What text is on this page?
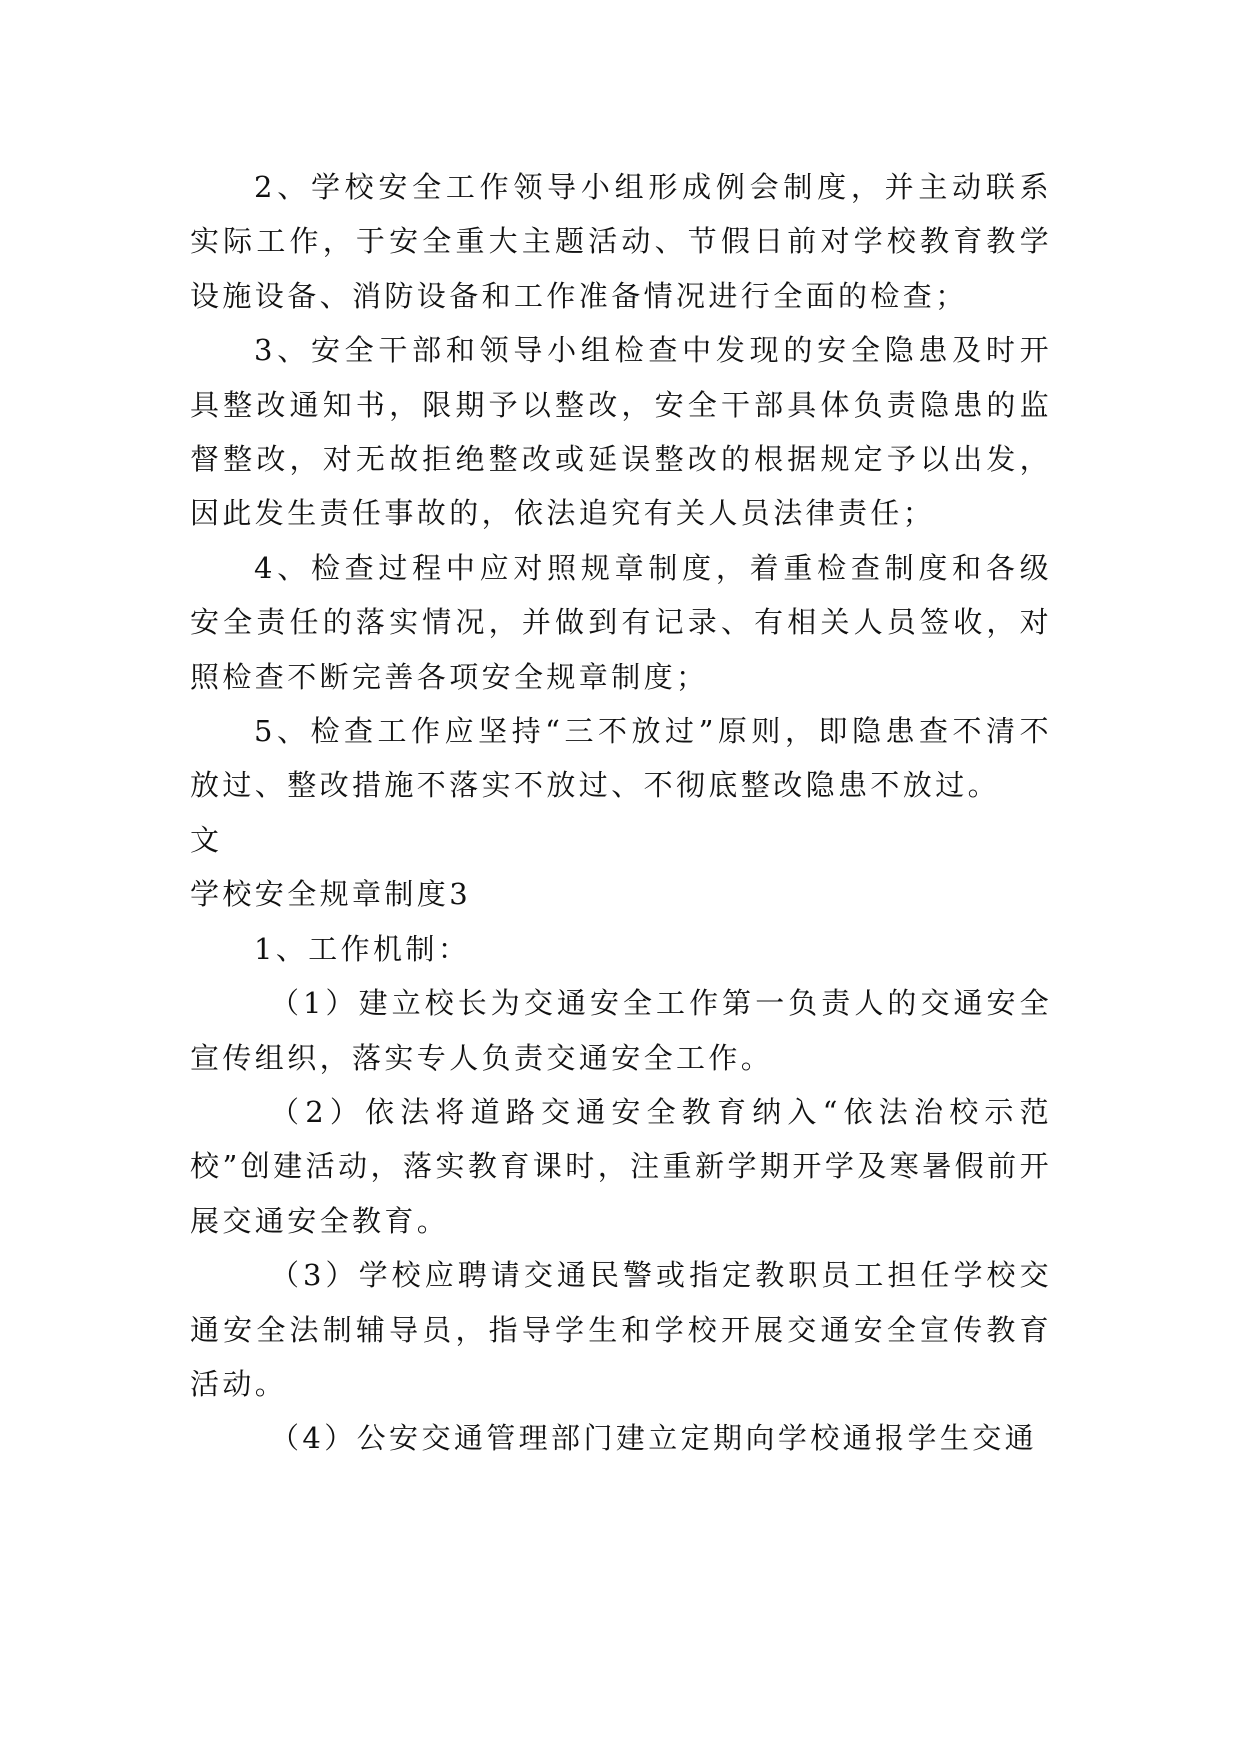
2、学校安全工作领导小组形成例会制度，并主动联系实际工作，于安全重大主题活动、节假日前对学校教育教学设施设备、消防设备和工作准备情况进行全面的检查；

3、安全干部和领导小组检查中发现的安全隐患及时开具整改通知书，限期予以整改，安全干部具体负责隐患的监督整改，对无故拒绝整改或延误整改的根据规定予以出发，因此发生责任事故的，依法追究有关人员法律责任；

4、检查过程中应对照规章制度，着重检查制度和各级安全责任的落实情况，并做到有记录、有相关人员签收，对照检查不断完善各项安全规章制度；

5、检查工作应坚持“三不放过”原则，即隐患查不清不放过、整改措施不落实不放过、不彻底整改隐患不放过。

文

学校安全规章制度3

1、工作机制：

（1）建立校长为交通安全工作第一负责人的交通安全宣传组织，落实专人负责交通安全工作。

（2）依法将道路交通安全教育纳入“依法治校示范校”创建活动，落实教育课时，注重新学期开学及寒暑假前开展交通安全教育。

（3）学校应聘请交通民警或指定教职员工担任学校交通安全法制辅导员，指导学生和学校开展交通安全宣传教育活动。

（4）公安交通管理部门建立定期向学校通报学生交通
